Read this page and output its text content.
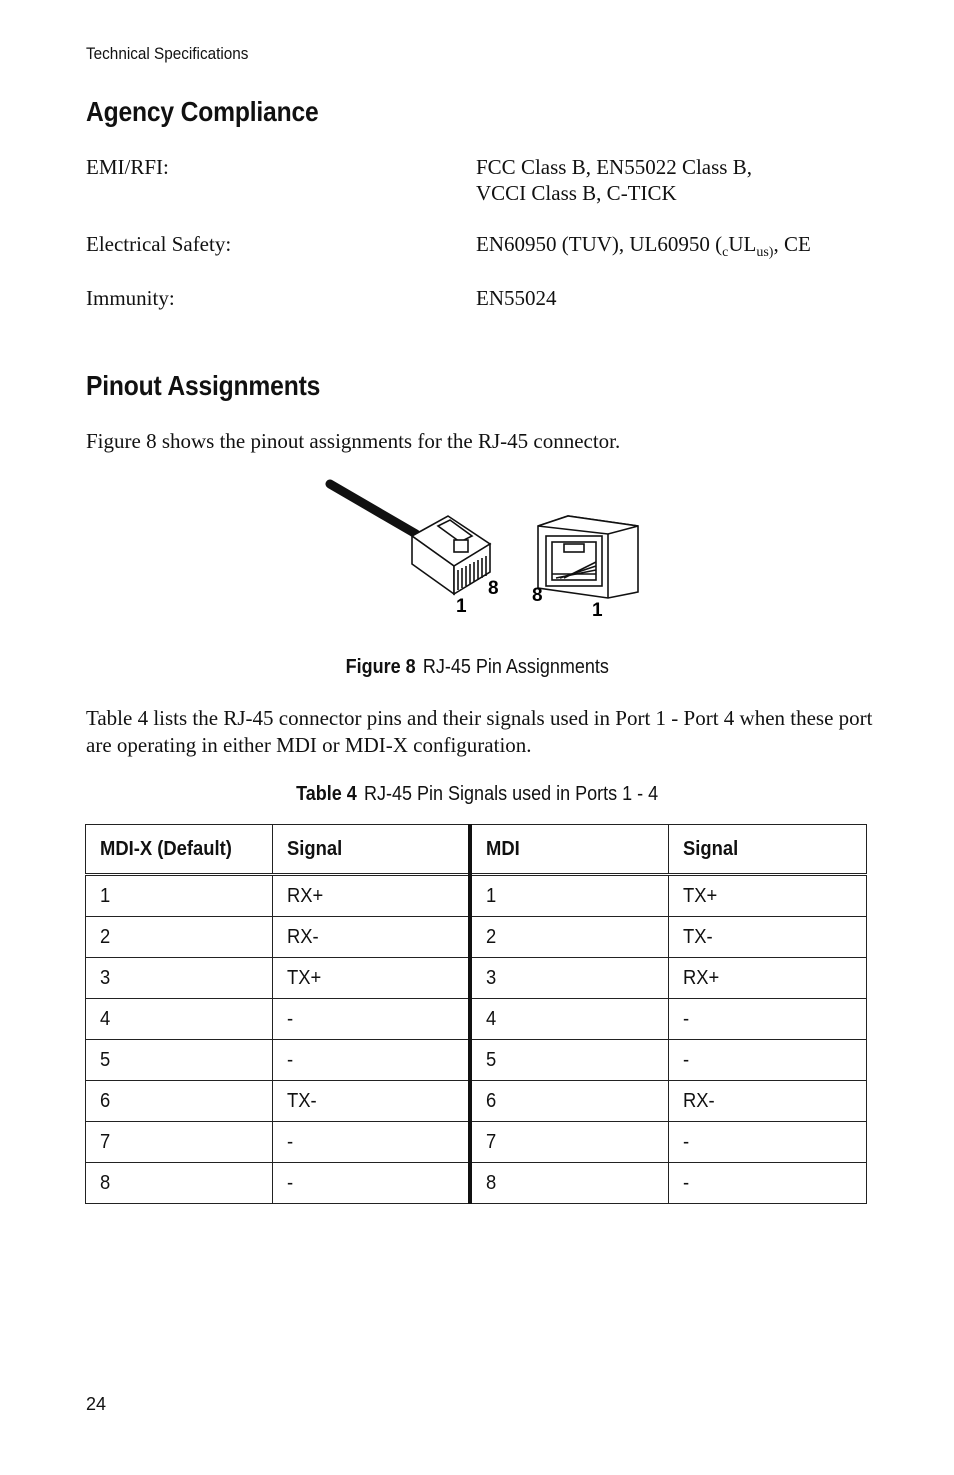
Technical Specifications
Agency Compliance
EMI/RFI:	FCC Class B, EN55022 Class B,
VCCI Class B, C-TICK
Electrical Safety:	EN60950 (TUV), UL60950 ($_cUL_{us)}$, CE
Immunity:	EN55024
Pinout Assignments
Figure 8 shows the pinout assignments for the RJ-45 connector.
1
8 8
1
Figure 8 RJ-45 Pin Assignments
Table 4 lists the RJ-45 connector pins and their signals used in Port 1 - Port 4 when these port are operating in either MDI or MDI-X configuration.
Table 4 RJ-45 Pin Signals used in Ports 1 - 4
MDI-X (Default)	Signal	MDI	Signal
1	RX+	1	TX+
2	RX-	2	TX-
3	TX+	3	RX+
4	-	4	-
5	-	5	-
6	TX-	6	RX-
7	-	7	-
8	-	8	-
24
